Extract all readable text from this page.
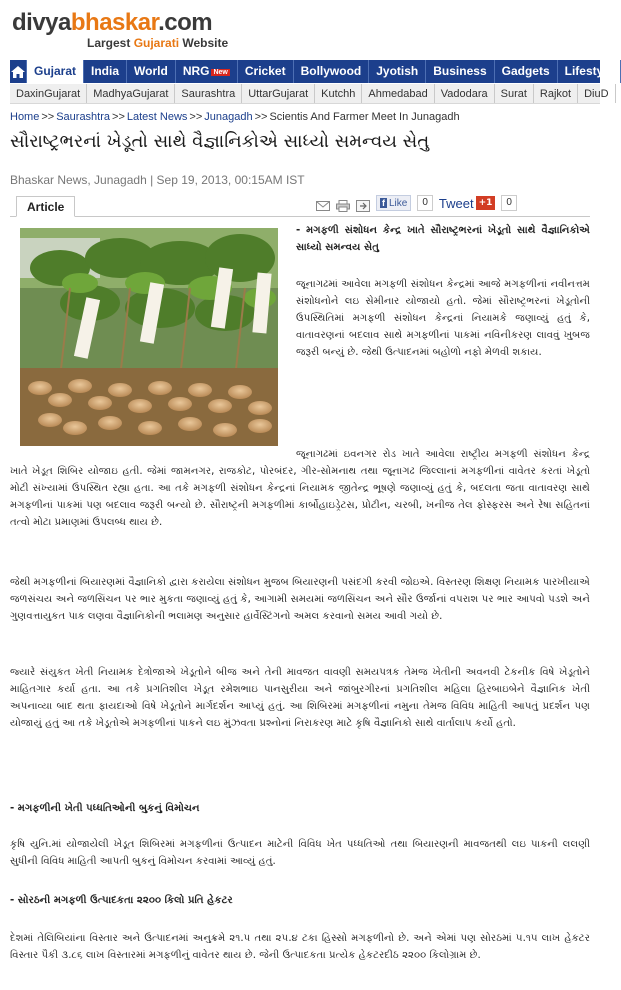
divyabhaskar.com
Largest Gujarati Website
Gujarat	India	World	NRG New	Cricket	Bollywood	Jyotish	Business	Gadgets	Lifestyle
DaxinGujarat	MadhyaGujarat	Saurashtra	UttarGujarat	Kutchh	Ahmedabad	Vadodara	Surat	Rajkot	DiuD
Home >> Saurashtra >> Latest News >> Junagadh >> Scientis And Farmer Meet In Junagadh
સૌરાષ્ટ્રભરનાં ખેડૂતો સાથે વૈજ્ઞાનિકોએ સાધ્યો સમન્વય સેતુ
Bhaskar News, Junagadh | Sep 19, 2013, 00:15AM IST
Article	f Like	0 Tweet +1	0
- મગફળી સંશોધન કેન્દ્ર ખાતે સૌરાષ્ટ્રભરનાં ખેડૂતો સાથે વૈજ્ઞાનિકોએ સાધ્યો સમન્વય સેતુ
જૂનાગઢમાં આવેલા મગફળી સંશોધન કેન્દ્રમાં આજે મગફળીનાં નવીનત્તમ સંશોધનોને લઇ સેમીનાર યોજાયો હતો. જેમાં સૌરાષ્ટ્રભરનાં ખેડૂતોની ઉપસ્થિતિમાં મગફળી સંશોધન કેન્દ્રનાં નિયામકે જણાવ્યું હતું કે, વાતાવરણનાં બદલાવ સાથે મગફળીનાં પાકમાં નવિનીકરણ લાવવું ખુબજ જરૂરી બન્યું છે. જેથી ઉત્પાદનમાં બહોળો નફો મેળવી શકાય.
જૂનાગઢમાં ઇવનગર રોડ ખાતે આવેલા રાષ્ટ્રીય મગફળી સંશોધન કેન્દ્ર ખાતે ખેડૂત શિબિર યોજાઇ હતી. જેમાં જામનગર, રાજકોટ, પોરબંદર, ગીર-સોમનાથ તથા જૂનાગઢ જિલ્લાનાં મગફળીનાં વાવેતર કરતાં ખેડૂતો મોટી સંખ્યામાં ઉપસ્થિત રહ્યા હતા. આ તકે મગફળી સંશોધન કેન્દ્રનાં નિયામક જીતેન્દ્ર ભૂષણે જણાવ્યું હતું કે, બદલતા જતા વાતાવરણ સાથે મગફળીનાં પાકમાં પણ બદલાવ જરૂરી બન્યો છે. સૌરાષ્ટ્રની મગફળીમાં કાર્બોહાઇડ્રેટસ, પ્રોટીન, ચરબી, ખનીજ તેલ ફોસ્ફરસ અને રેષા સહિતનાં તત્વો મોટા પ્રમાણમાં ઉપલબ્ધ થાય છે.
જેથી મગફળીનાં બિયારણમાં વૈજ્ઞાનિકો દ્વારા કરાયેલા સંશોધન મુજબ બિયારણની પસંદગી કરવી જોઇએ. વિસ્તરણ શિક્ષણ નિયામક પારખીયાએ જળસંચય અને જળસિંચન પર ભાર મુકતા જણાવ્યું હતું કે, આગામી સમયમાં જળસિંચન અને સૌર ઉર્જાનાં વપરાશ પર ભાર આપવો પડશે અને ગુણવત્તાયુકત પાક લણવા વૈજ્ઞાનિકોની ભલામણ અનુસાર હાર્વેસ્ટિંગનો અમલ કરવાનો સમય આવી ગયો છે.
જ્યારે સંયુકત ખેતી નિયામક દેત્રોજાએ ખેડૂતોને બીજ અને તેની માવજત વાવણી સમયપત્રક તેમજ ખેતીની અવનવી ટેકનીક વિષે ખેડૂતોને માહિતગાર કર્યા હતા. આ તકે પ્રગતિશીલ ખેડૂત રમેશભાઇ પાનસુરીયા અને જાંબુરગીરનાં પ્રગતિશીલ મહિલા હિરબાઇબેને વૈજ્ઞાનિક ખેતી અપનાવ્યા બાદ થતા ફાયદાઓ વિષે ખેડૂતોને માર્ગદર્શન આપ્યું હતું. આ શિબિરમાં મગફળીનાં નમુના તેમજ વિવિધ માહિતી આપતું પ્રદર્શન પણ યોજાયું હતું આ તકે ખેડૂતોએ મગફળીનાં પાકને લઇ મુંઝવતા પ્રશ્નોનાં નિરાકરણ માટે કૃષિ વૈજ્ઞાનિકો સાથે વાર્તાલાપ કર્યો હતો.
- મગફળીની ખેતી પધ્ધતિઓની બુકનું વિમોચન
કૃષિ યુનિ.માં યોજાયેલી ખેડૂત શિબિરમાં મગફળીનાં ઉત્પાદન માટેની વિવિધ ખેત પધ્ધતિઓ તથા બિયારણની માવજતથી લઇ પાકની લલણી સુધીની વિવિધ માહિતી આપતી બુકનું વિમોચન કરવામાં આવ્યું હતું.
- સોરઠની મગફળી ઉત્પાદકતા ૨૨૦૦ કિલો પ્રતિ હેકટર
દેશમાં તેલિબિયાંના વિસ્તાર અને ઉત્પાદનમાં અનુક્રમે ૨૧.૫ તથા ૨૫.૪ ટકા હિસ્સો મગફળીનો છે. અને એમાં પણ સોરઠમાં ૫.૧૫ લાખ હેકટર વિસ્તાર પૈકી ૩.૮૬ લાખ વિસ્તારમાં મગફળીનું વાવેતર થાય છે. જેની ઉત્પાદકતા પ્રત્યેક હેકટરદીઠ ૨૨૦૦ કિલોગ્રામ છે.
